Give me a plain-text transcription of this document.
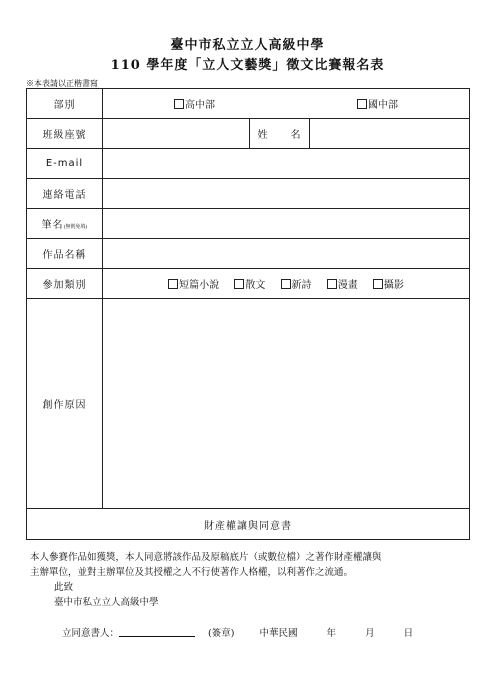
臺中市私立立人高級中學
110 學年度「立人文藝獎」徵文比賽報名表
※本表請以正楷書寫
部別	高中部 國中部		
班級座號		姓　　名	
E-mail			
連絡電話			
筆名(無則免填)			
作品名稱			
參加類別	短篇小說 散文 新詩 漫畫 攝影		
創作原因			
財產權讓與同意書			
本人參賽作品如獲獎，本人同意將該作品及原稿底片（或數位檔）之著作財產權讓與
主辦單位，並對主辦單位及其授權之人不行使著作人格權，以利著作之流通。
此致
臺中市私立立人高級中學
立同意書人：	(簽章)	中華民國	年	月	日
